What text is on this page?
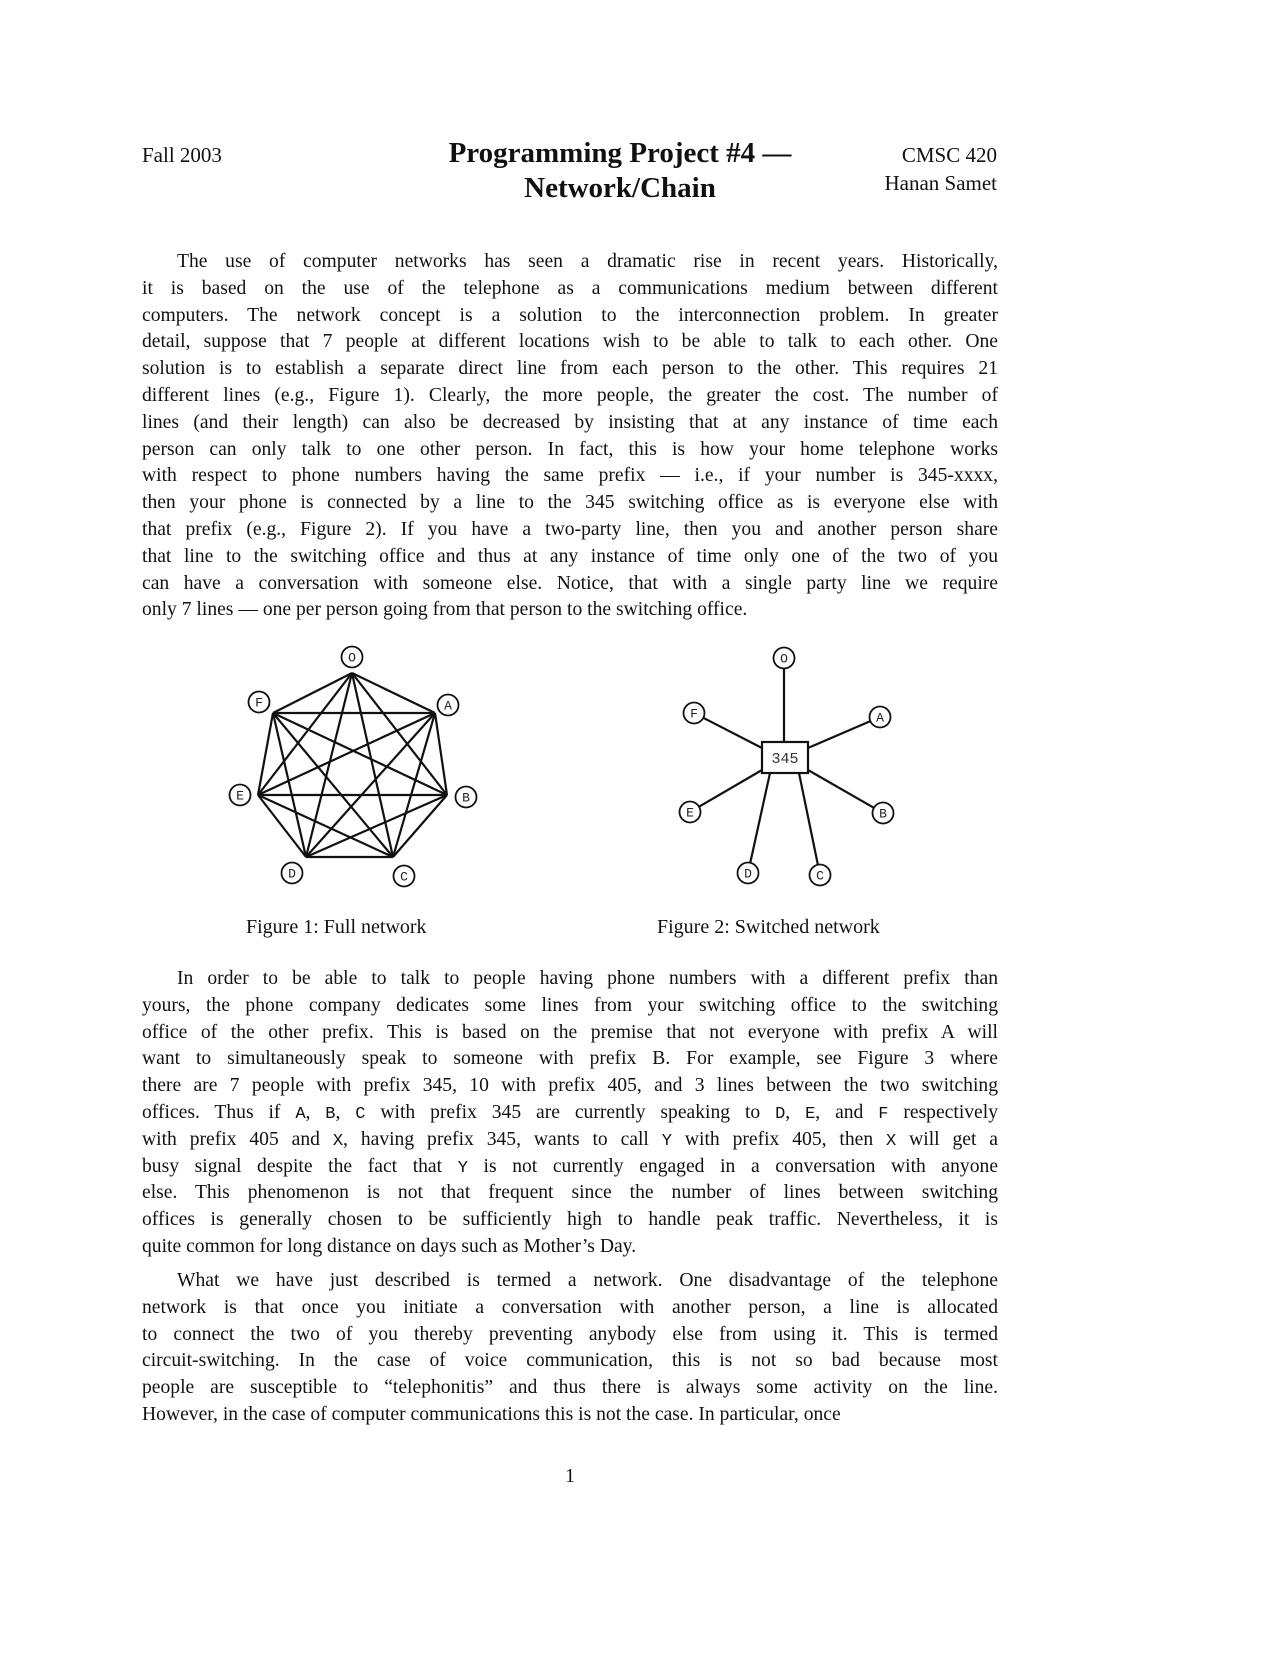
Fall 2003	Programming Project #4 —
Network/Chain
CMSC 420
Hanan Samet
The use of computer networks has seen a dramatic rise in recent years. Historically,
it is based on the use of the telephone as a communications medium between different
computers. The network concept is a solution to the interconnection problem. In greater
detail, suppose that 7 people at different locations wish to be able to talk to each other. One
solution is to establish a separate direct line from each person to the other. This requires 21
different lines (e.g., Figure 1). Clearly, the more people, the greater the cost. The number of
lines (and their length) can also be decreased by insisting that at any instance of time each
person can only talk to one other person. In fact, this is how your home telephone works
with respect to phone numbers having the same prefix — i.e., if your number is 345-xxxx,
then your phone is connected by a line to the 345 switching office as is everyone else with
that prefix (e.g., Figure 2). If you have a two-party line, then you and another person share
that line to the switching office and thus at any instance of time only one of the two of you
can have a conversation with someone else. Notice, that with a single party line we require
only 7 lines — one per person going from that person to the switching office.
O
A
B
C
D
E
F
345
O
A
B
C
D
E
F
Figure 1: Full network	Figure 2: Switched network
In order to be able to talk to people having phone numbers with a different prefix than
yours, the phone company dedicates some lines from your switching office to the switching
office of the other prefix. This is based on the premise that not everyone with prefix A will
want to simultaneously speak to someone with prefix B. For example, see Figure 3 where
there are 7 people with prefix 345, 10 with prefix 405, and 3 lines between the two switching
offices. Thus if A, B, C with prefix 345 are currently speaking to D, E, and F respectively
with prefix 405 and X, having prefix 345, wants to call Y with prefix 405, then X will get a
busy signal despite the fact that Y is not currently engaged in a conversation with anyone
else. This phenomenon is not that frequent since the number of lines between switching
offices is generally chosen to be sufficiently high to handle peak traffic. Nevertheless, it is
quite common for long distance on days such as Mother’s Day.
What we have just described is termed a network. One disadvantage of the telephone
network is that once you initiate a conversation with another person, a line is allocated
to connect the two of you thereby preventing anybody else from using it. This is termed
circuit-switching. In the case of voice communication, this is not so bad because most
people are susceptible to “telephonitis” and thus there is always some activity on the line.
However, in the case of computer communications this is not the case. In particular, once
1
